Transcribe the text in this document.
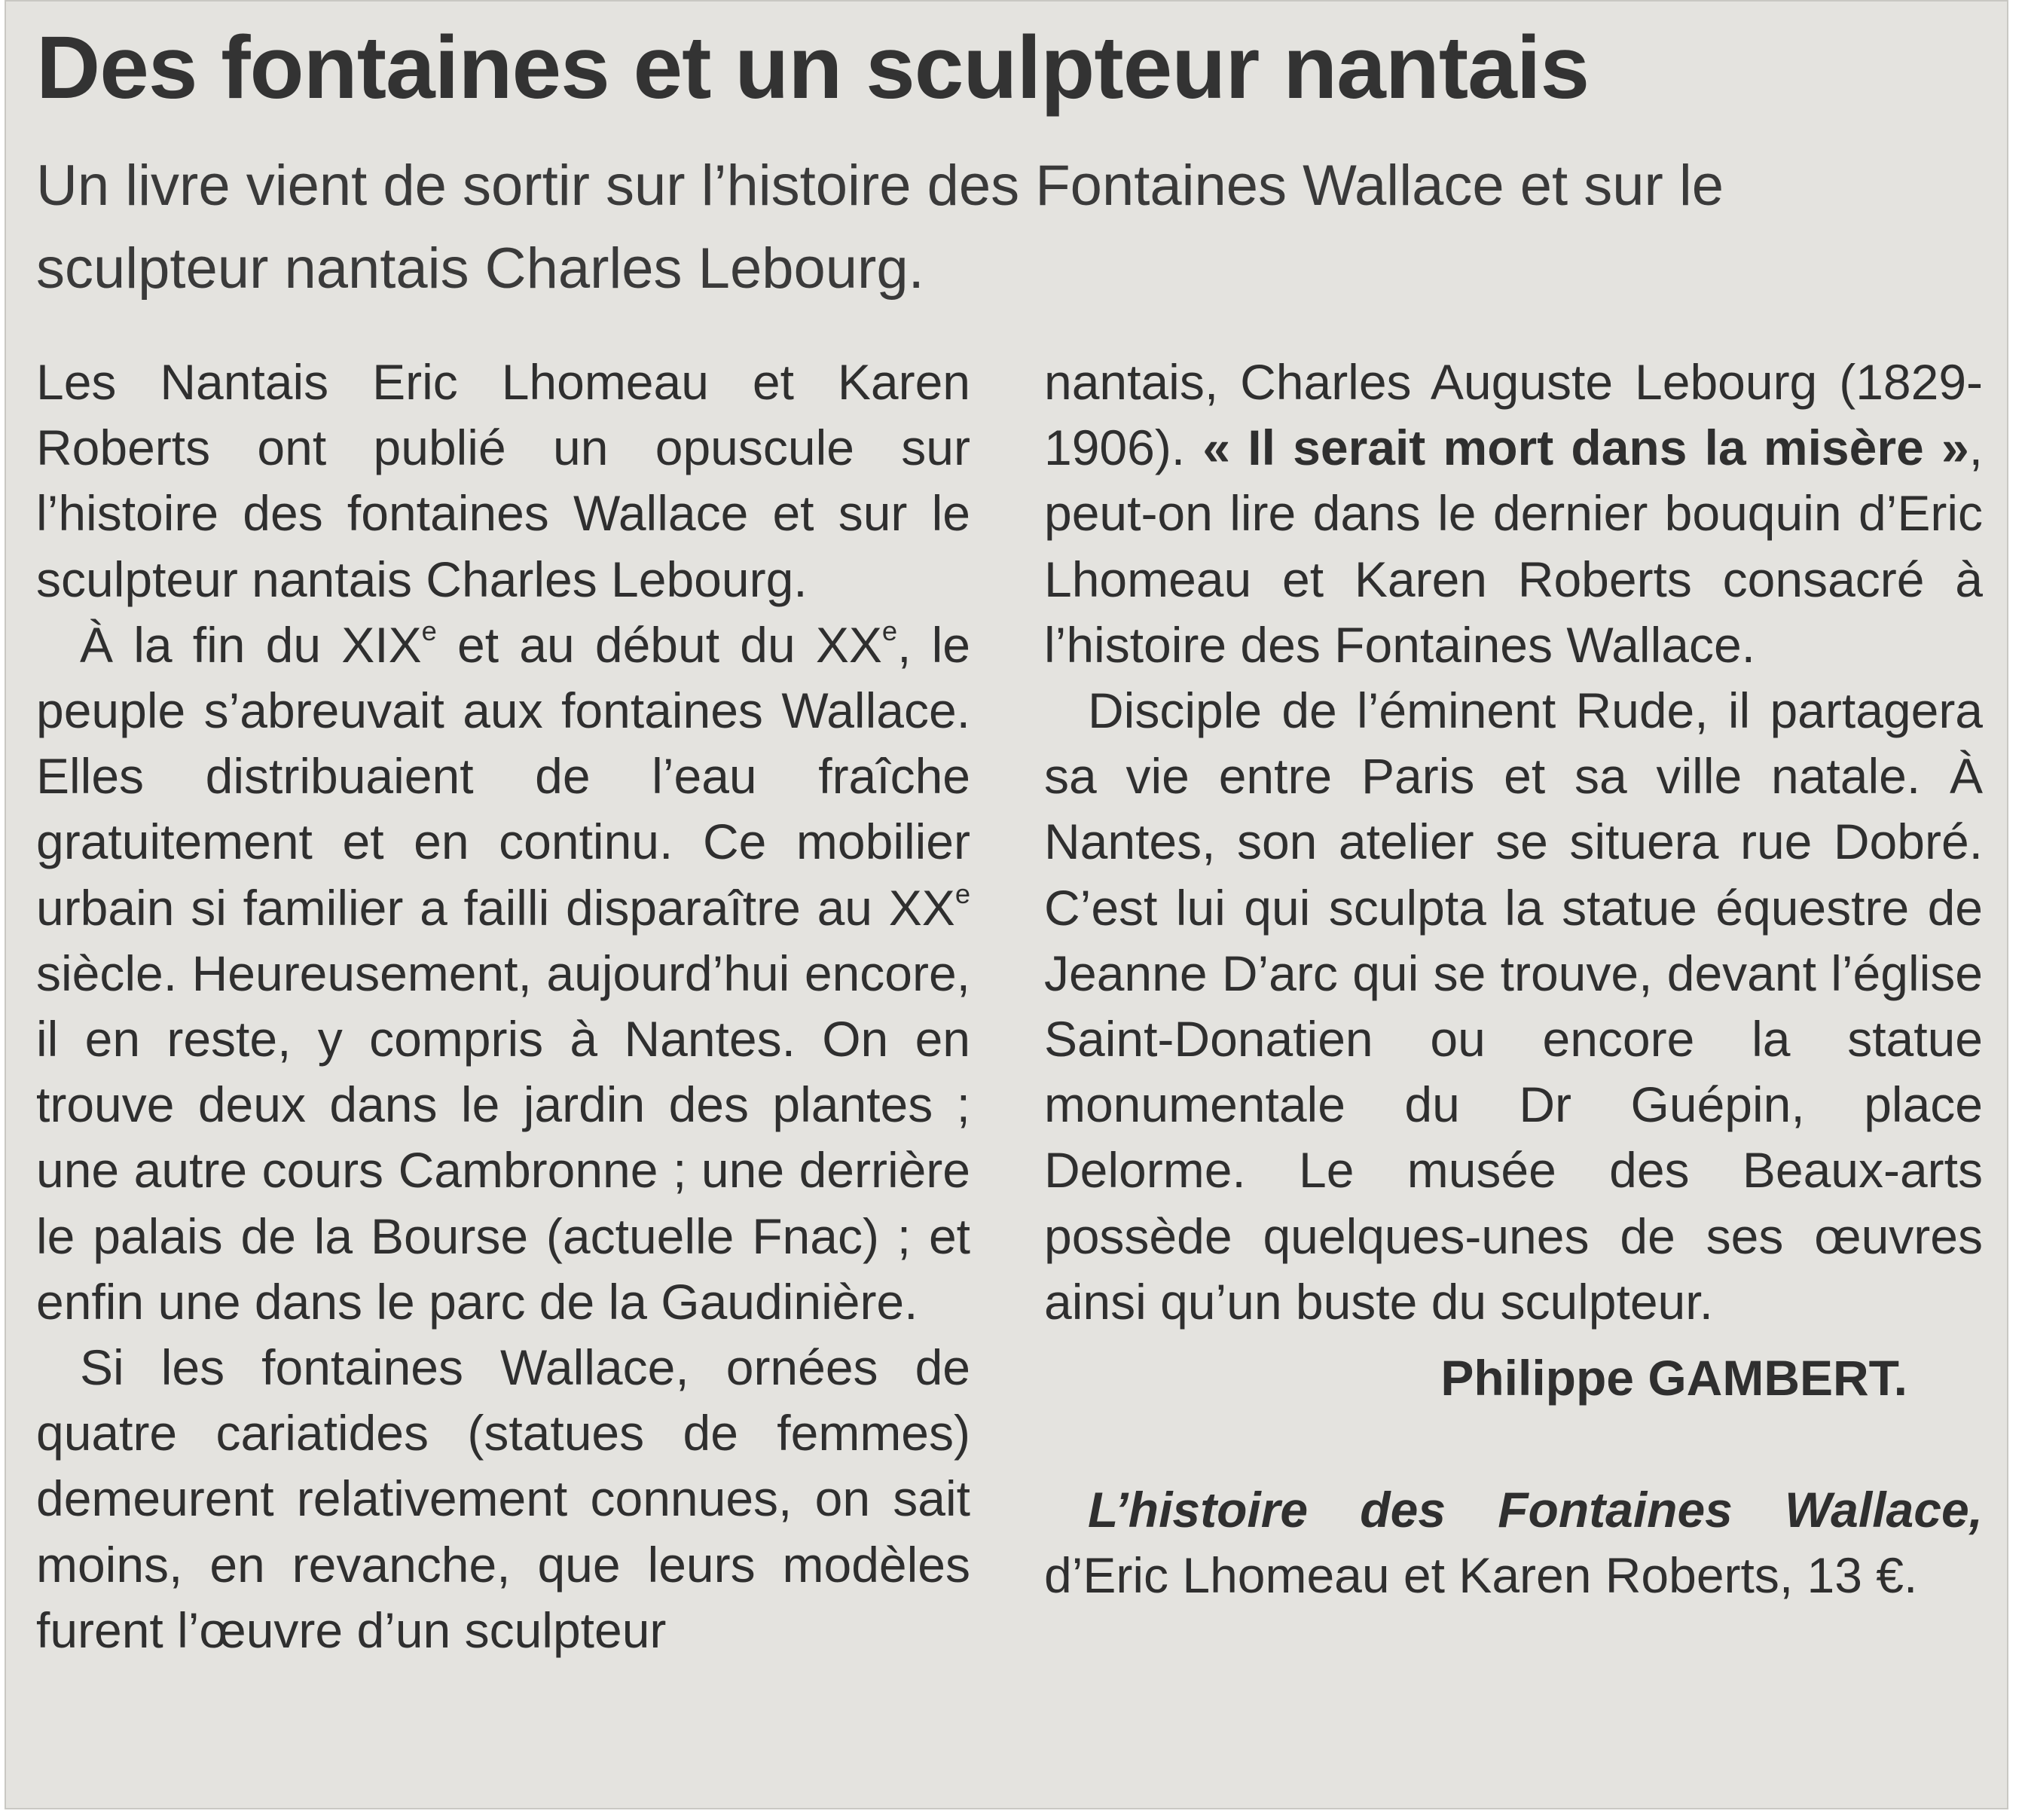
Des fontaines et un sculpteur nantais

Un livre vient de sortir sur l’histoire des Fontaines Wallace et sur le sculpteur nantais Charles Lebourg.

Les Nantais Eric Lhomeau et Karen Roberts ont publié un opuscule sur l’histoire des fontaines Wallace et sur le sculpteur nantais Charles Lebourg.

À la fin du XIXe et au début du XXe, le peuple s’abreuvait aux fontaines Wallace. Elles distribuaient de l’eau fraîche gratuitement et en continu. Ce mobilier urbain si familier a failli disparaître au XXe siècle. Heureusement, aujourd’hui encore, il en reste, y compris à Nantes. On en trouve deux dans le jardin des plantes ; une autre cours Cambronne ; une derrière le palais de la Bourse (actuelle Fnac) ; et enfin une dans le parc de la Gaudinière.

Si les fontaines Wallace, ornées de quatre cariatides (statues de femmes) demeurent relativement connues, on sait moins, en revanche, que leurs modèles furent l’œuvre d’un sculpteur

nantais, Charles Auguste Lebourg (1829-1906). « Il serait mort dans la misère », peut-on lire dans le dernier bouquin d’Eric Lhomeau et Karen Roberts consacré à l’histoire des Fontaines Wallace.

Disciple de l’éminent Rude, il partagera sa vie entre Paris et sa ville natale. À Nantes, son atelier se situera rue Dobré. C’est lui qui sculpta la statue équestre de Jeanne D’arc qui se trouve, devant l’église Saint-Donatien ou encore la statue monumentale du Dr Guépin, place Delorme. Le musée des Beaux-arts possède quelques-unes de ses œuvres ainsi qu’un buste du sculpteur.

Philippe GAMBERT.

L’histoire des Fontaines Wallace, d’Eric Lhomeau et Karen Roberts, 13 €.
